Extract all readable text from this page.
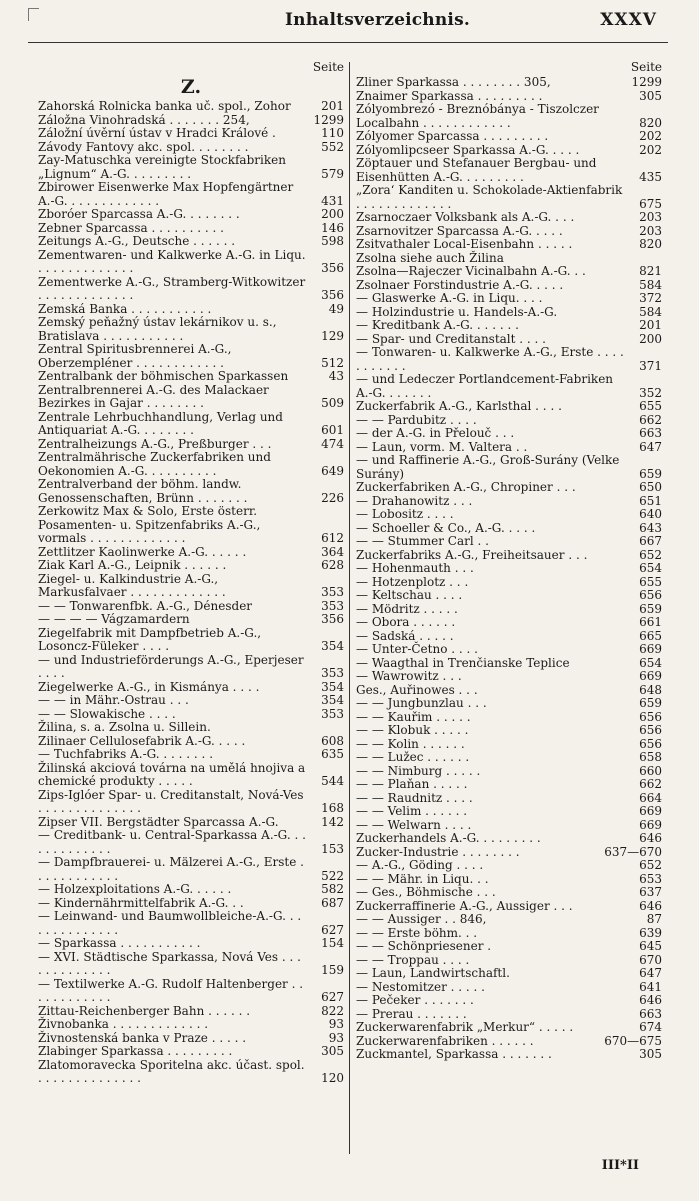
Inhaltsverzeichnis.	XXXV
Seite
Z.
Zahorská Rolnicka banka uč. spol., Zohor	201
Záložna Vinohradská . . . . . . . 254,	1299
Záložní úvěrní ústav v Hradci Králové .	110
Závody Fantovy akc. spol. . . . . . . .	552
Zay-Matuschka vereinigte Stockfabriken „Lignum“ A.-G. . . . . . . . .	579
Zbirower Eisenwerke Max Hopfengärtner A.-G. . . . . . . . . . . . .	431
Zboróer Sparcassa A.-G. . . . . . . .	200
Zebner Sparcassa . . . . . . . . . .	146
Zeitungs A.-G., Deutsche . . . . . .	598
Zementwaren- und Kalkwerke A.-G. in Liqu. . . . . . . . . . . . . .	356
Zementwerke A.-G., Stramberg-Witkowitzer . . . . . . . . . . . . .	356
Zemská Banka . . . . . . . . . . .	49
Zemský peňažný ústav lekárnikov u. s., Bratislava . . . . . . . . . . .	129
Zentral Spiritusbrennerei A.-G., Oberzempléner . . . . . . . . . . . .	512
Zentralbank der böhmischen Sparkassen	43
Zentralbrennerei A.-G. des Malackaer Bezirkes in Gajar . . . . . . . .	509
Zentrale Lehrbuchhandlung, Verlag und Antiquariat A.-G. . . . . . . .	601
Zentralheizungs A.-G., Preßburger . . .	474
Zentralmährische Zuckerfabriken und Oekonomien A.-G. . . . . . . . . .	649
Zentralverband der böhm. landw. Genossenschaften, Brünn . . . . . . .	226
Zerkowitz Max & Solo, Erste österr. Posamenten- u. Spitzenfabriks A.-G., vormals . . . . . . . . . . . . .	612
Zettlitzer Kaolinwerke A.-G. . . . . .	364
Ziak Karl A.-G., Leipnik . . . . . .	628
Ziegel- u. Kalkindustrie A.-G., Markusfalvaer . . . . . . . . . . . . .	353
— — Tonwarenfbk. A.-G., Dénesder	353
— — — — Vágzamardern	356
Ziegelfabrik mit Dampfbetrieb A.-G., Losoncz-Füleker . . . .	354
— und Industrieförderungs A.-G., Eperjeser . . . .	353
Ziegelwerke A.-G., in Kismánya . . . .	354
— — in Mähr.-Ostrau . . .	354
— — Slowakische . . . .	353
Žilina, s. a. Zsolna u. Sillein.
Zilinaer Cellulosefabrik A.-G. . . . .	608
— Tuchfabriks A.-G. . . . . . . .	635
Žilinská akciová továrna na umělá hnojiva a chemické produkty . . . . .	544
Zips-Iglóer Spar- u. Creditanstalt, Nová-Ves . . . . . . . . . . . . . .	168
Zipser VII. Bergstädter Sparcassa A.-G.	142
— Creditbank- u. Central-Sparkassa A.-G. . . . . . . . . . . . .	153
— Dampfbrauerei- u. Mälzerei A.-G., Erste . . . . . . . . . . . .	522
— Holzexploitations A.-G. . . . . .	582
— Kindernährmittelfabrik A.-G. . .	687
— Leinwand- und Baumwollbleiche-A.-G. . . . . . . . . . . . . .	627
— Sparkassa . . . . . . . . . . .	154
— XVI. Städtische Sparkassa, Nová Ves . . . . . . . . . . . . .	159
— Textilwerke A.-G. Rudolf Haltenberger . . . . . . . . . . . .	627
Zittau-Reichenberger Bahn . . . . . .	822
Živnobanka . . . . . . . . . . . . .	93
Živnostenská banka v Praze . . . . .	93
Zlabinger Sparkassa . . . . . . . . .	305
Zlatomoravecka Sporitelna akc. účast. spol. . . . . . . . . . . . . . .	120
Seite
Zliner Sparkassa . . . . . . . . 305,	1299
Znaimer Sparkassa . . . . . . . . .	305
Zólyombrezó - Breznóbánya - Tiszolczer Localbahn . . . . . . . . . . . .	820
Zólyomer Sparcassa . . . . . . . . .	202
Zólyomlipcseer Sparkassa A.-G. . . . .	202
Zöptauer und Stefanauer Bergbau- und Eisenhütten A.-G. . . . . . . . .	435
„Zora‘ Kanditen u. Schokolade-Aktienfabrik . . . . . . . . . . . . .	675
Zsarnoczaer Volksbank als A.-G. . . .	203
Zsarnovitzer Sparcassa A.-G. . . . .	203
Zsitvathaler Local-Eisenbahn . . . . .	820
Zsolna siehe auch Žilina
Zsolna—Rajeczer Vicinalbahn A.-G. . .	821
Zsolnaer Forstindustrie A.-G. . . . .	584
— Glaswerke A.-G. in Liqu. . . .	372
— Holzindustrie u. Handels-A.-G.	584
— Kreditbank A.-G. . . . . . .	201
— Spar- und Creditanstalt . . . .	200
— Tonwaren- u. Kalkwerke A.-G., Erste . . . . . . . . . . .	371
— und Ledeczer Portlandcement-Fabriken A.-G. . . . . . .	352
Zuckerfabrik A.-G., Karlsthal . . . .	655
— — Pardubitz . . . .	662
— der A.-G. in Přelouč . . .	663
— Laun, vorm. M. Valtera . .	647
— und Raffinerie A.-G., Groß-Surány (Velke Surány)	659
Zuckerfabriken A.-G., Chropiner . . .	650
— Drahanowitz . . .	651
— Lobositz . . . .	640
— Schoeller & Co., A.-G. . . . .	643
— — Stummer Carl . .	667
Zuckerfabriks A.-G., Freiheitsauer . . .	652
— Hohenmauth . . .	654
— Hotzenplotz . . .	655
— Keltschau . . . .	656
— Mödritz . . . . .	659
— Obora . . . . . .	661
— Sadská . . . . .	665
— Unter-Četno . . . .	669
— Waagthal in Trenčianske Teplice	654
— Wawrowitz . . .	669
Ges., Auřinowes . . .	648
— — Jungbunzlau . . .	659
— — Kauřim . . . . .	656
— — Klobuk . . . . .	656
— — Kolin . . . . . .	656
— — Lužec . . . . . .	658
— — Nimburg . . . . .	660
— — Plaňan . . . . .	662
— — Raudnitz . . . .	664
— — Velim . . . . . .	669
— — Welwarn . . . .	669
Zuckerhandels A.-G. . . . . . . . .	646
Zucker-Industrie . . . . . . . .	637—670
— A.-G., Göding . . . .	652
— — Mähr. in Liqu. . .	653
— Ges., Böhmische . . .	637
Zuckerraffinerie A.-G., Aussiger . . .	646
— — Aussiger . . 846,	87
— — Erste böhm. . .	639
— — Schönpriesener .	645
— — Troppau . . . .	670
— Laun, Landwirtschaftl.	647
— Nestomitzer . . . . .	641
— Pečeker . . . . . . .	646
— Prerau . . . . . . .	663
Zuckerwarenfabrik „Merkur“ . . . . .	674
Zuckerwarenfabriken . . . . . .	670—675
Zuckmantel, Sparkassa . . . . . . .	305
III*II
